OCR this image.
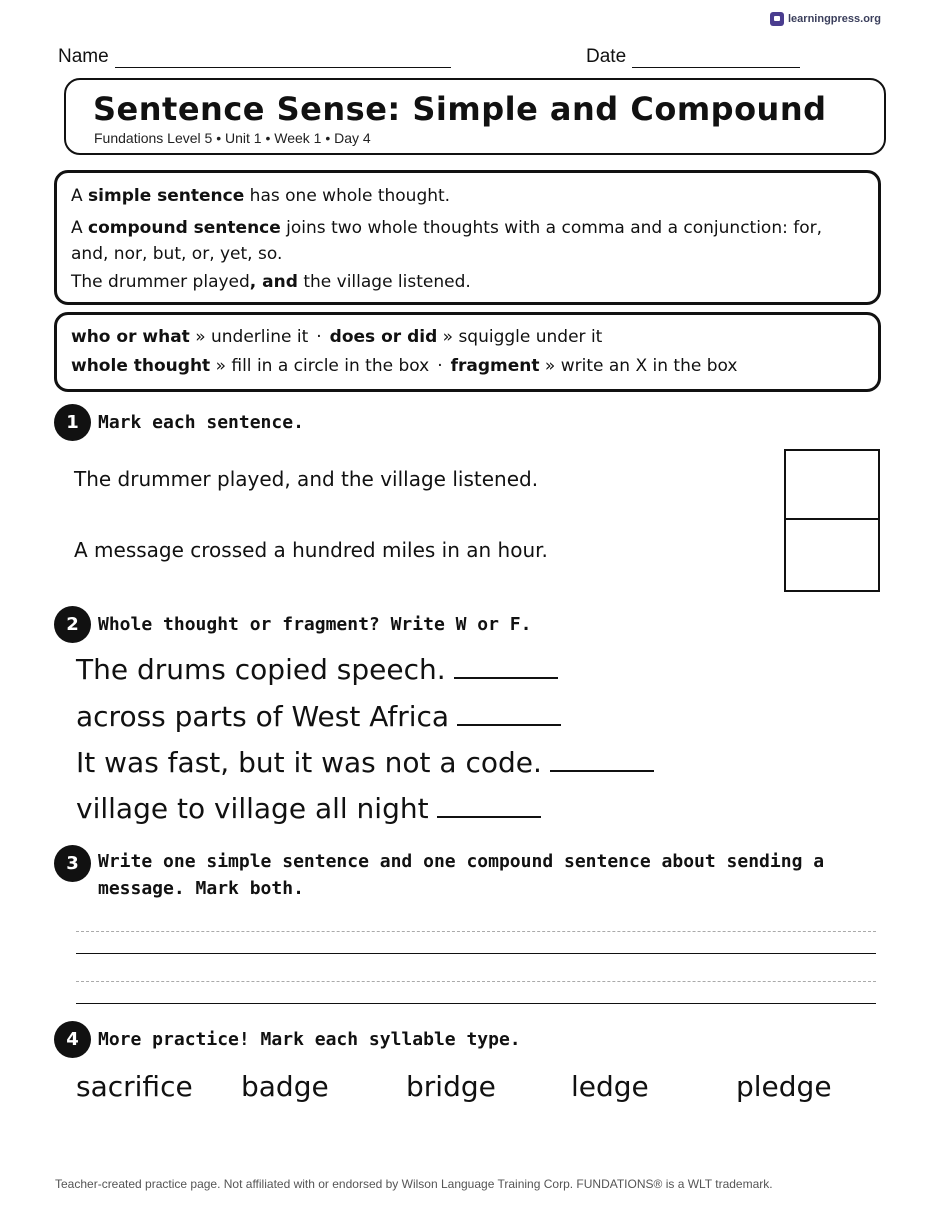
learningpress.org
Name	Date
Sentence Sense: Simple and Compound
Fundations Level 5 • Unit 1 • Week 1 • Day 4

A simple sentence has one whole thought.

A compound sentence joins two whole thoughts with a comma and a conjunction: for, and, nor, but, or, yet, so.

The drummer played, and the village listened.

who or what » underline it · does or did » squiggle under it

whole thought » fill in a circle in the box · fragment » write an X in the box

1	Mark each sentence.
The drummer played, and the village listened.
A message crossed a hundred miles in an hour.
2	Whole thought or fragment? Write W or F.
The drums copied speech.
across parts of West Africa
It was fast, but it was not a code.
village to village all night
3	Write one simple sentence and one compound sentence about sending a message. Mark both.
4	More practice! Mark each syllable type.
sacrifice badge	bridge	ledge	pledge
Teacher-created practice page. Not affiliated with or endorsed by Wilson Language Training Corp. FUNDATIONS® is a WLT trademark.
